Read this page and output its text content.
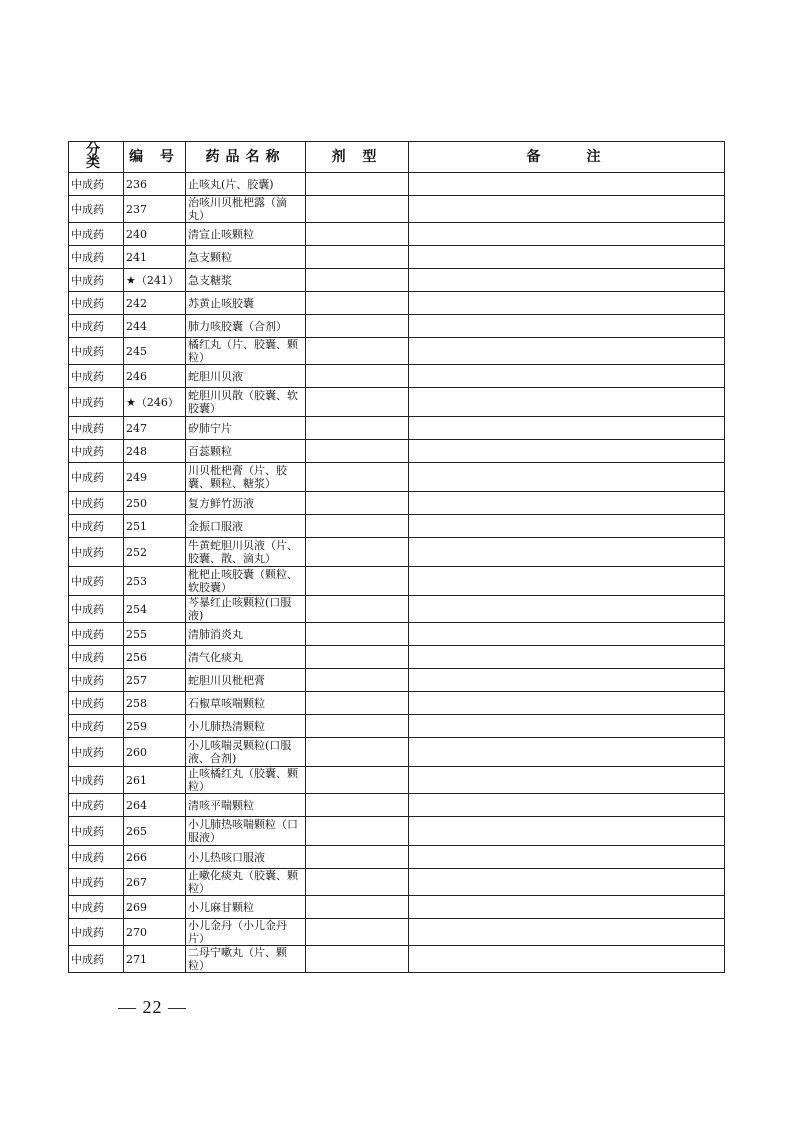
分 类	编 号	药品名称	剂 型	备　　注
中成药	236	止咳丸(片、胶囊)		
中成药	237	治咳川贝枇杷露（滴丸）		
中成药	240	清宣止咳颗粒		
中成药	241	急支颗粒		
中成药	★（241）	急支糖浆		
中成药	242	苏黄止咳胶囊		
中成药	244	肺力咳胶囊（合剂）		
中成药	245	橘红丸（片、胶囊、颗粒）		
中成药	246	蛇胆川贝液		
中成药	★（246）	蛇胆川贝散（胶囊、软胶囊）		
中成药	247	矽肺宁片		
中成药	248	百蕊颗粒		
中成药	249	川贝枇杷膏（片、胶囊、颗粒、糖浆）		
中成药	250	复方鲜竹沥液		
中成药	251	金振口服液		
中成药	252	牛黄蛇胆川贝液（片、胶囊、散、滴丸）		
中成药	253	枇杷止咳胶囊（颗粒、软胶囊）		
中成药	254	芩暴红止咳颗粒(口服液)		
中成药	255	清肺消炎丸		
中成药	256	清气化痰丸		
中成药	257	蛇胆川贝枇杷膏		
中成药	258	石椒草咳喘颗粒		
中成药	259	小儿肺热清颗粒		
中成药	260	小儿咳喘灵颗粒(口服液、合剂)		
中成药	261	止咳橘红丸（胶囊、颗粒）		
中成药	264	清咳平喘颗粒		
中成药	265	小儿肺热咳喘颗粒（口服液）		
中成药	266	小儿热咳口服液		
中成药	267	止嗽化痰丸（胶囊、颗粒）		
中成药	269	小儿麻甘颗粒		
中成药	270	小儿金丹（小儿金丹片）		
中成药	271	二母宁嗽丸（片、颗粒）		
— 22 —
